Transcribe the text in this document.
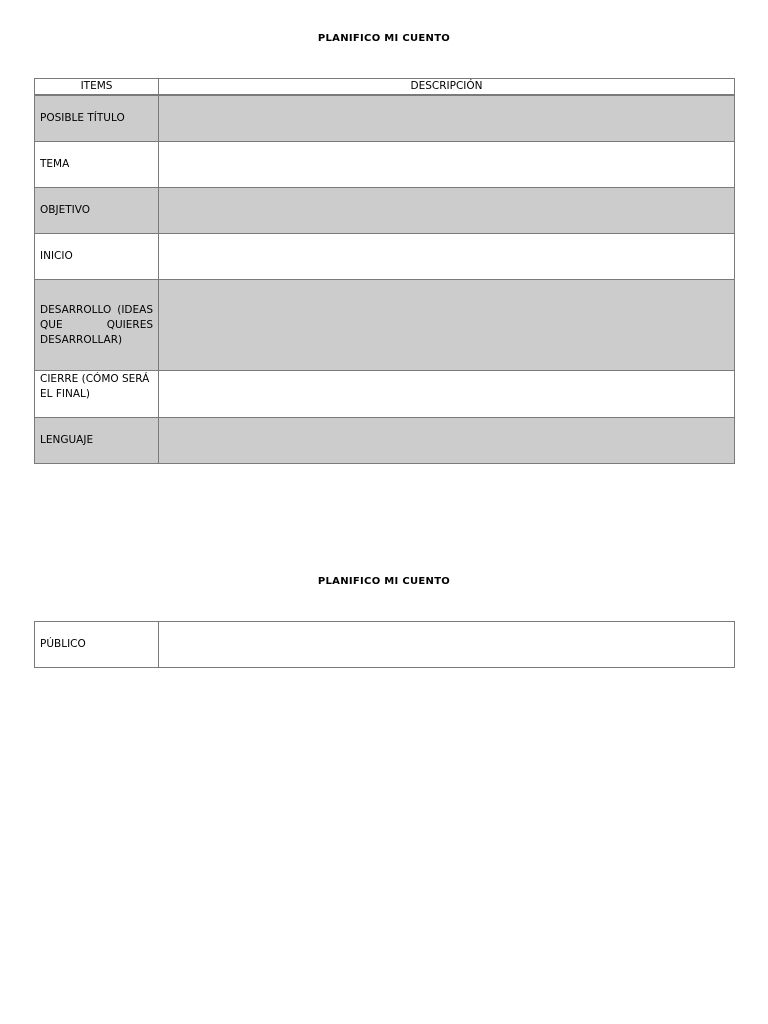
PLANIFICO MI CUENTO
ITEMS	DESCRIPCIÓN
POSIBLE TÍTULO	
TEMA	
OBJETIVO	
INICIO	
DESARROLLO (IDEAS QUE QUIERES DESARROLLAR)	
CIERRE (CÓMO SERÁ EL FINAL)	
LENGUAJE	
PLANIFICO MI CUENTO
PÚBLICO	
